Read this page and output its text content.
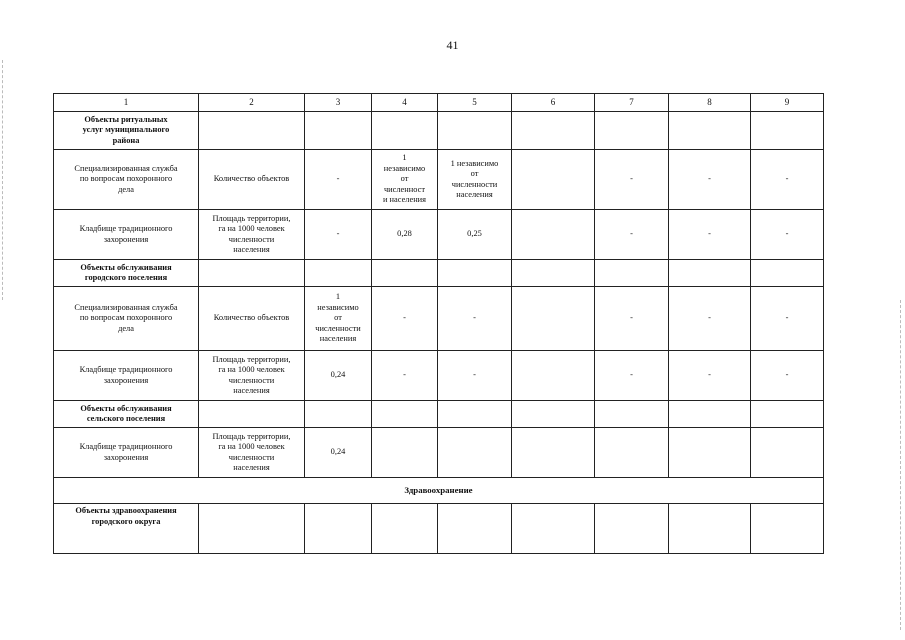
41
1	2	3	4	5	6	7	8	9
Объекты ритуальных
услуг муниципального
района								
Специализированная служба
по вопросам похоронного
дела	Количество объектов	-	1
независимо
от
численност
и населения	1 независимо
от
численности
населения		-	-	-
Кладбище традиционного
захоронения	Площадь территории,
га на 1000 человек
численности
населения	-	0,28	0,25		-	-	-
Объекты обслуживания
городского поселения								
Специализированная служба
по вопросам похоронного
дела	Количество объектов	1
независимо
от
численности
населения	-	-		-	-	-
Кладбище традиционного
захоронения	Площадь территории,
га на 1000 человек
численности
населения	0,24	-	-		-	-	-
Объекты обслуживания
сельского поселения								
Кладбище традиционного
захоронения	Площадь территории,
га на 1000 человек
численности
населения	0,24						
Здравоохранение								
Объекты здравоохранения
городского округа								
